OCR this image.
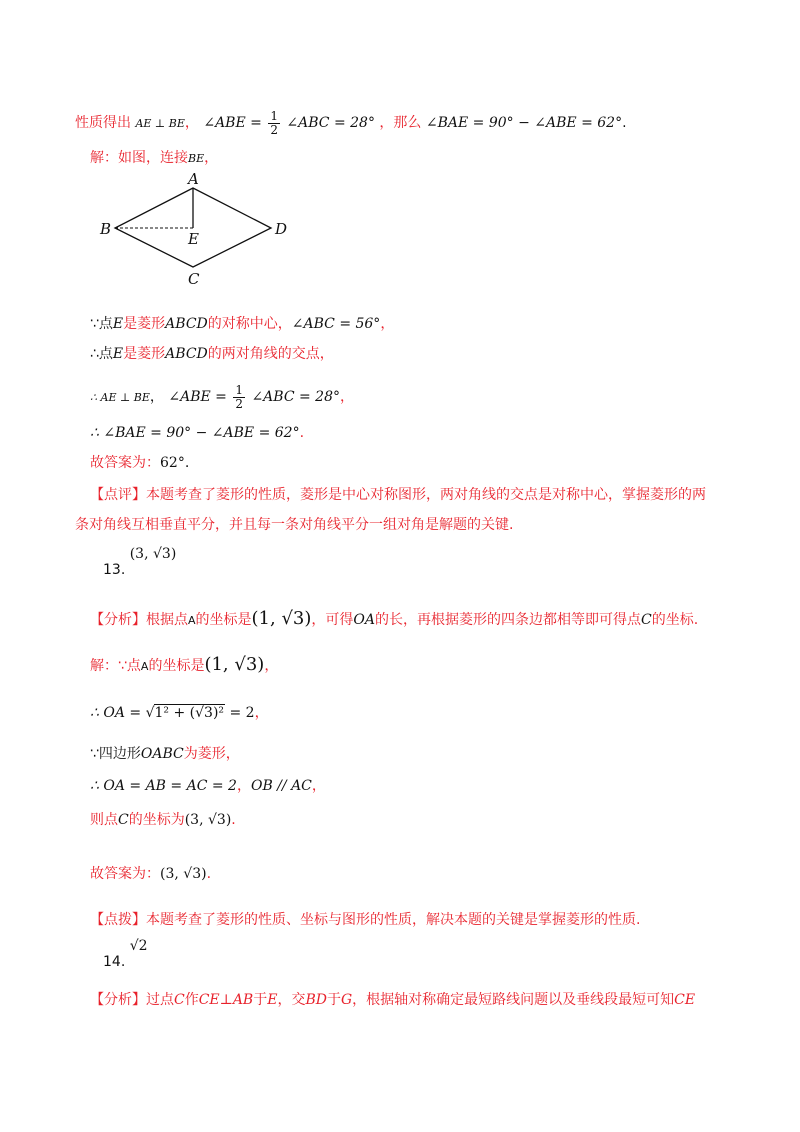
性质得出 AE ⊥ BE， ∠ABE = $\frac{1}{2}$ ∠ABC = 28° ，那么 ∠BAE = 90° − ∠ABE = 62°.
解：如图，连接BE，
A
B
C
D
E
∵点E是菱形ABCD的对称中心，∠ABC = 56°，
∴点E是菱形ABCD的两对角线的交点，
∴ AE ⊥ BE， ∠ABE = $\frac{1}{2}$ ∠ABC = 28°，
∴ ∠BAE = 90° − ∠ABE = 62°.
故答案为：62°.
【点评】本题考查了菱形的性质，菱形是中心对称图形，两对角线的交点是对称中心，掌握菱形的两
条对角线互相垂直平分，并且每一条对角线平分一组对角是解题的关键.
13. (3, √3)
【分析】根据点A的坐标是(1, √3)，可得OA的长，再根据菱形的四条边都相等即可得点C的坐标.
解：∵点A的坐标是(1, √3)，
∴ OA = √1² + (√3)² = 2，
∵四边形OABC为菱形，
∴ OA = AB = AC = 2，OB // AC，
则点C的坐标为(3, √3).
故答案为：(3, √3).
【点拨】本题考查了菱形的性质、坐标与图形的性质，解决本题的关键是掌握菱形的性质.
14. √2
【分析】过点C作CE⊥AB于E，交BD于G，根据轴对称确定最短路线问题以及垂线段最短可知CE
